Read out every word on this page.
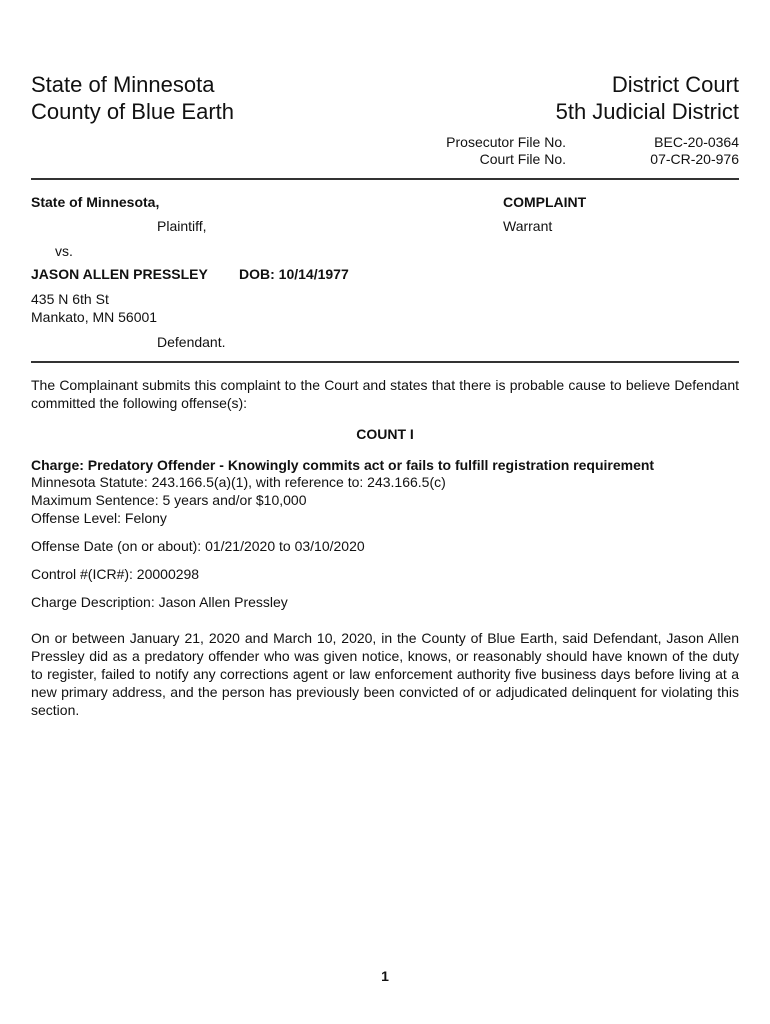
State of Minnesota
County of Blue Earth
District Court
5th Judicial District
Prosecutor File No.	BEC-20-0364
Court File No.	07-CR-20-976
State of Minnesota,
Plaintiff,
vs.
JASON ALLEN PRESSLEY DOB: 10/14/1977
435 N 6th St
Mankato, MN 56001
Defendant.
COMPLAINT
Warrant
The Complainant submits this complaint to the Court and states that there is probable cause to believe Defendant committed the following offense(s):
COUNT I
Charge: Predatory Offender - Knowingly commits act or fails to fulfill registration requirement
Minnesota Statute: 243.166.5(a)(1), with reference to: 243.166.5(c)
Maximum Sentence: 5 years and/or $10,000
Offense Level: Felony
Offense Date (on or about): 01/21/2020 to 03/10/2020
Control #(ICR#): 20000298
Charge Description: Jason Allen Pressley
On or between January 21, 2020 and March 10, 2020, in the County of Blue Earth, said Defendant, Jason Allen Pressley did as a predatory offender who was given notice, knows, or reasonably should have known of the duty to register, failed to notify any corrections agent or law enforcement authority five business days before living at a new primary address, and the person has previously been convicted of or adjudicated delinquent for violating this section.
1
